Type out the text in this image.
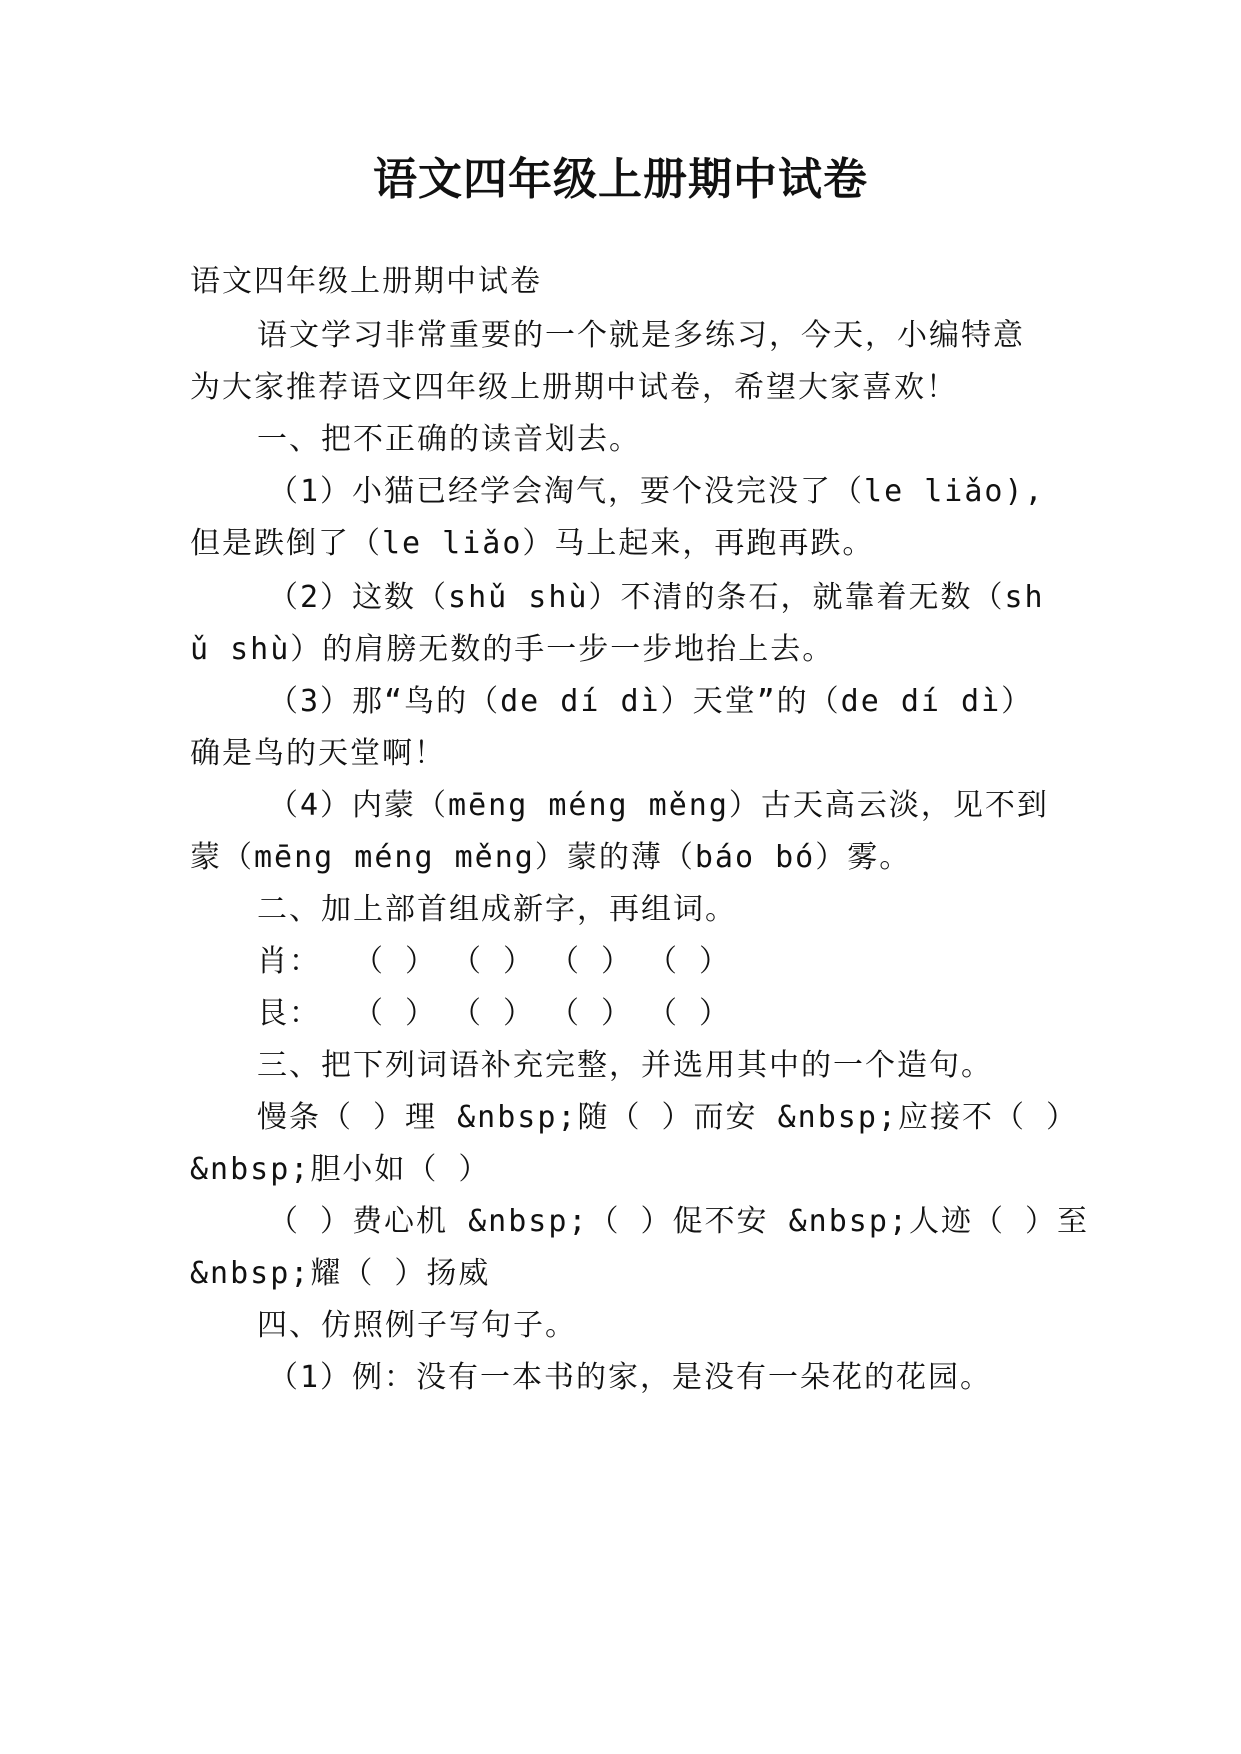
语文四年级上册期中试卷
语文四年级上册期中试卷
语文学习非常重要的一个就是多练习，今天，小编特意
为大家推荐语文四年级上册期中试卷，希望大家喜欢！
一、把不正确的读音划去。
（1）小猫已经学会淘气，要个没完没了（le liǎo),
但是跌倒了（le liǎo）马上起来，再跑再跌。
（2）这数（shǔ shù）不清的条石，就靠着无数（sh
ǔ shù）的肩膀无数的手一步一步地抬上去。
（3）那“鸟的（de dí dì）天堂”的（de dí dì）
确是鸟的天堂啊！
（4）内蒙（mēng méng měng）古天高云淡，见不到
蒙（mēng méng měng）蒙的薄（báo bó）雾。
二、加上部首组成新字，再组词。
肖：	（ ） （ ） （ ） （ ）
艮：	（ ） （ ） （ ） （ ）
三、把下列词语补充完整，并选用其中的一个造句。
慢条（ ）理 &nbsp;随（ ）而安 &nbsp;应接不（ ）
&nbsp;胆小如（ ）
（ ）费心机 &nbsp;（ ）促不安 &nbsp;人迹（ ）至
&nbsp;耀（ ）扬威
四、仿照例子写句子。
（1）例：没有一本书的家，是没有一朵花的花园。
